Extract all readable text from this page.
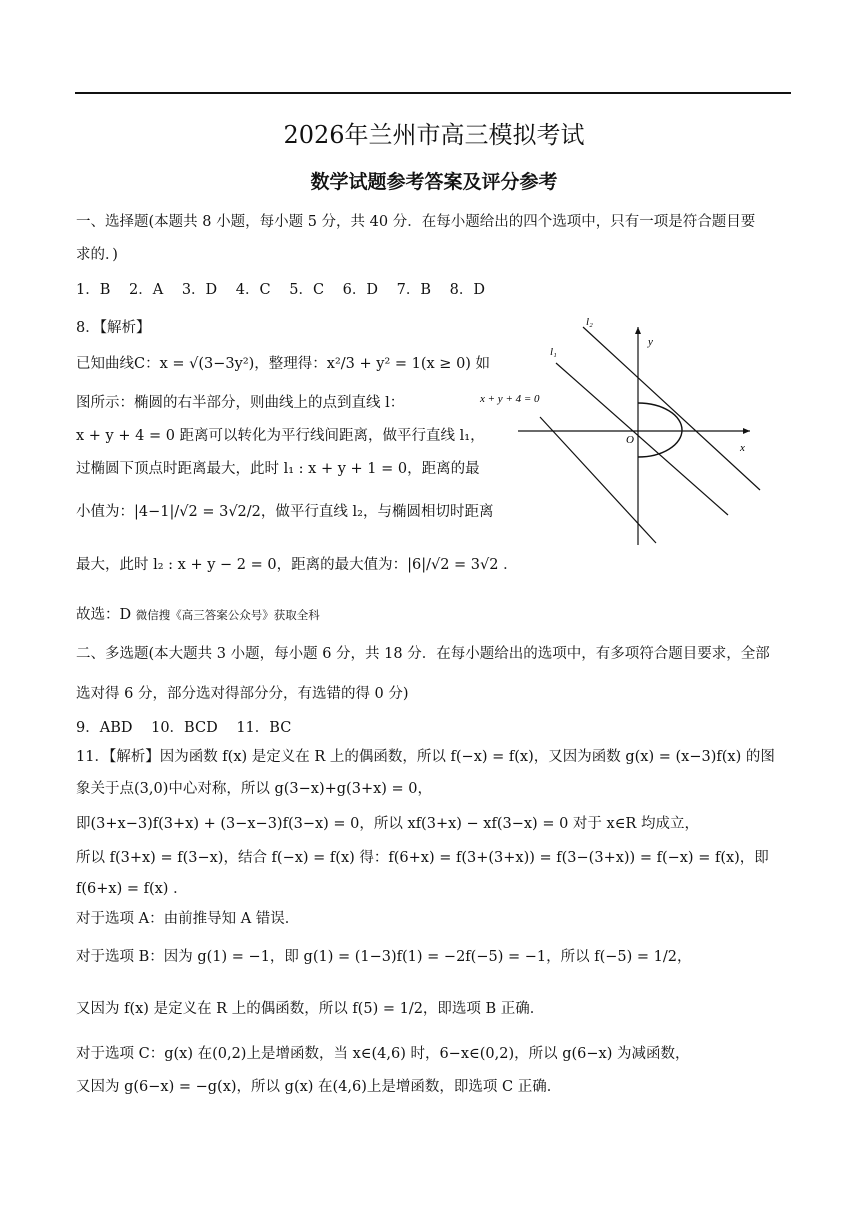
2026年兰州市高三模拟考试
数学试题参考答案及评分参考
一、选择题(本题共 8 小题，每小题 5 分，共 40 分．在每小题给出的四个选项中，只有一项是符合题目要
求的．)
1．B 2．A 3．D 4．C 5．C 6．D 7．B 8．D
8．【解析】
已知曲线C：x = √(3−3y²)，整理得：x²/3 + y² = 1(x ≥ 0) 如
图所示：椭圆的右半部分，则曲线上的点到直线 l：
x + y + 4 = 0 距离可以转化为平行线间距离，做平行直线 l₁，
过椭圆下顶点时距离最大，此时 l₁ : x + y + 1 = 0，距离的最
小值为：|4−1|/√2 = 3√2/2，做平行直线 l₂，与椭圆相切时距离
最大，此时 l₂ : x + y − 2 = 0，距离的最大值为：|6|/√2 = 3√2 ．
故选：D 微信搜《高三答案公众号》获取全科
l₂
l₁
x + y + 4 = 0
y
x
O
二、多选题(本大题共 3 小题，每小题 6 分，共 18 分．在每小题给出的选项中，有多项符合题目要求，全部
选对得 6 分，部分选对得部分分，有选错的得 0 分)
9．ABD 10．BCD 11．BC
11．【解析】因为函数 f(x) 是定义在 R 上的偶函数，所以 f(−x) = f(x)，又因为函数 g(x) = (x−3)f(x) 的图
象关于点(3,0)中心对称，所以 g(3−x)+g(3+x) = 0，
即(3+x−3)f(3+x) + (3−x−3)f(3−x) = 0，所以 xf(3+x) − xf(3−x) = 0 对于 x∈R 均成立，
所以 f(3+x) = f(3−x)，结合 f(−x) = f(x) 得：f(6+x) = f(3+(3+x)) = f(3−(3+x)) = f(−x) = f(x)，即
f(6+x) = f(x) ．
对于选项 A：由前推导知 A 错误．
对于选项 B：因为 g(1) = −1，即 g(1) = (1−3)f(1) = −2f(−5) = −1，所以 f(−5) = 1/2，
又因为 f(x) 是定义在 R 上的偶函数，所以 f(5) = 1/2，即选项 B 正确．
对于选项 C：g(x) 在(0,2)上是增函数，当 x∈(4,6) 时，6−x∈(0,2)，所以 g(6−x) 为减函数，
又因为 g(6−x) = −g(x)，所以 g(x) 在(4,6)上是增函数，即选项 C 正确．
